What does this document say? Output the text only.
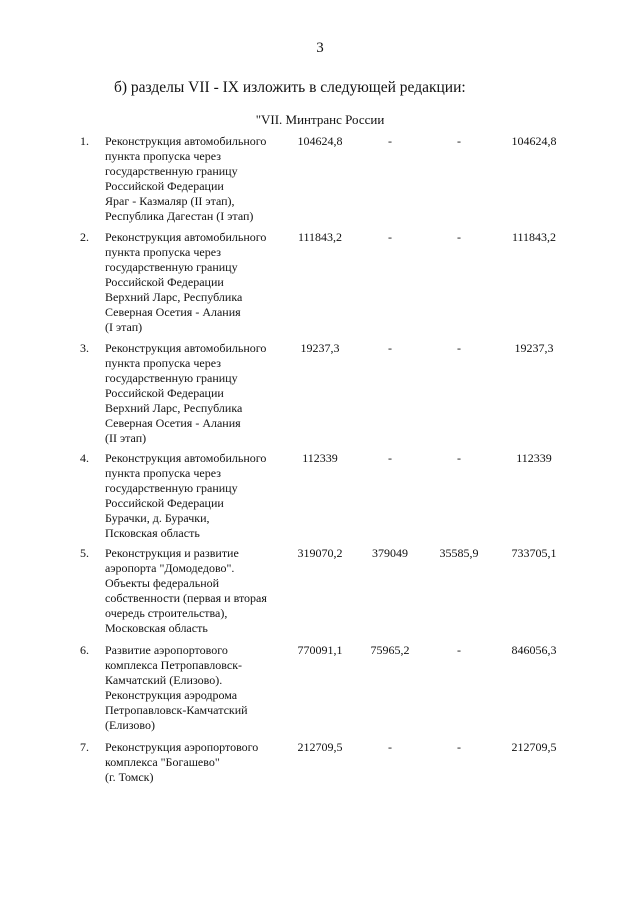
3
б) разделы VII - IX изложить в следующей редакции:
"VII. Минтранс России
1. Реконструкция автомобильного
пункта пропуска через
государственную границу
Российской Федерации
Яраг - Казмаляр (II этап),
Республика Дагестан (I этап)
104624,8	-	-	104624,8
2. Реконструкция автомобильного
пункта пропуска через
государственную границу
Российской Федерации
Верхний Ларс, Республика
Северная Осетия - Алания
(I этап)
111843,2	-	-	111843,2
3. Реконструкция автомобильного
пункта пропуска через
государственную границу
Российской Федерации
Верхний Ларс, Республика
Северная Осетия - Алания
(II этап)
19237,3	-	-	19237,3
4. Реконструкция автомобильного
пункта пропуска через
государственную границу
Российской Федерации
Бурачки, д. Бурачки,
Псковская область
112339	-	-	112339
5. Реконструкция и развитие
аэропорта "Домодедово".
Объекты федеральной
собственности (первая и вторая
очередь строительства),
Московская область
319070,2	379049	35585,9	733705,1
6. Развитие аэропортового
комплекса Петропавловск-
Камчатский (Елизово).
Реконструкция аэродрома
Петропавловск-Камчатский
(Елизово)
770091,1	75965,2	-	846056,3
7. Реконструкция аэропортового
комплекса "Богашево"
(г. Томск)
212709,5	-	-	212709,5
